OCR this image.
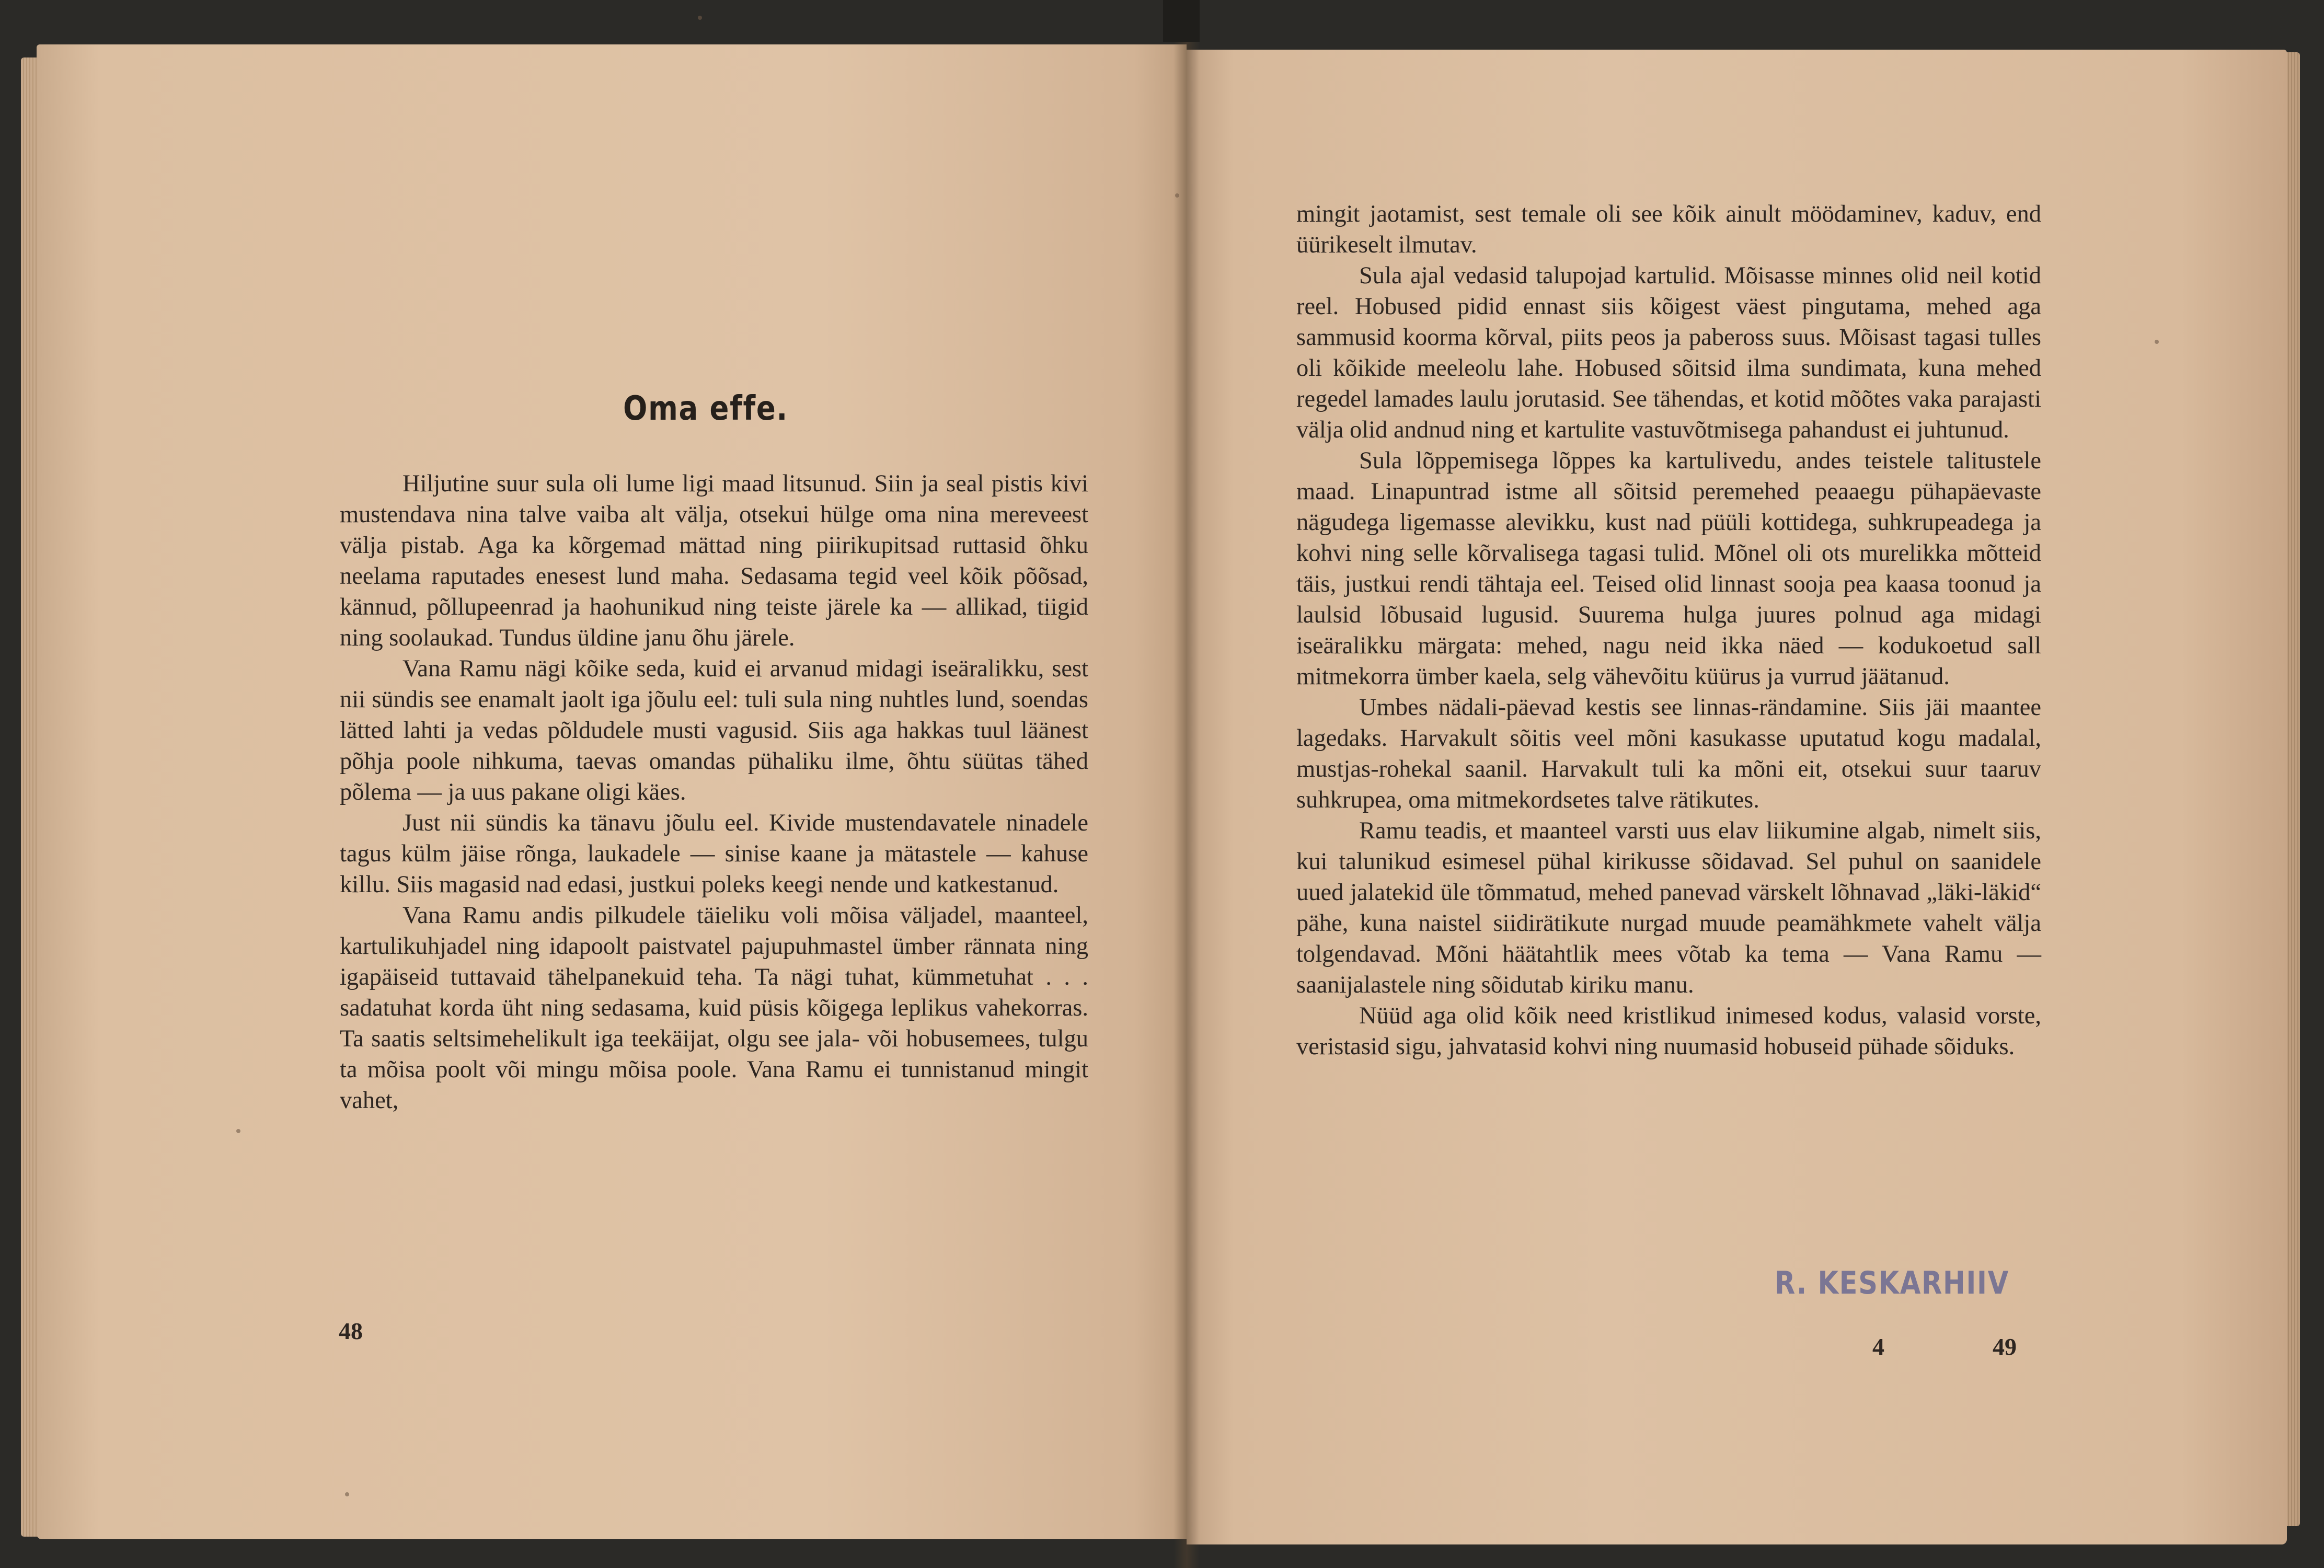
Oma effe.

Hiljutine suur sula oli lume ligi maad litsunud. Siin ja seal pistis kivi mustendava nina talve vaiba alt välja, otsekui hülge oma nina mereveest välja pistab. Aga ka kõrgemad mättad ning piirikupitsad ruttasid õhku neelama raputades enesest lund maha. Sedasama tegid veel kõik põõsad, kännud, põllupeenrad ja haohunikud ning teiste järele ka — allikad, tiigid ning soolaukad. Tundus üldine janu õhu järele.

Vana Ramu nägi kõike seda, kuid ei arvanud midagi iseäralikku, sest nii sündis see enamalt jaolt iga jõulu eel: tuli sula ning nuhtles lund, soendas lätted lahti ja vedas põldudele musti vagusid. Siis aga hakkas tuul läänest põhja poole nihkuma, taevas omandas pühaliku ilme, õhtu süütas tähed põlema — ja uus pakane oligi käes.

Just nii sündis ka tänavu jõulu eel. Kivide mustendavatele ninadele tagus külm jäise rõnga, laukadele — sinise kaane ja mätastele — kahuse killu. Siis magasid nad edasi, justkui poleks keegi nende und katkestanud.

Vana Ramu andis pilkudele täieliku voli mõisa väljadel, maanteel, kartulikuhjadel ning idapoolt paistvatel pajupuhmastel ümber rännata ning igapäiseid tuttavaid tähelpanekuid teha. Ta nägi tuhat, kümmetuhat . . . sadatuhat korda üht ning sedasama, kuid püsis kõigega leplikus vahekorras. Ta saatis seltsimehelikult iga teekäijat, olgu see jala- või hobusemees, tulgu ta mõisa poolt või mingu mõisa poole. Vana Ramu ei tunnistanud mingit vahet,

48

mingit jaotamist, sest temale oli see kõik ainult möödaminev, kaduv, end üürikeselt ilmutav.

Sula ajal vedasid talupojad kartulid. Mõisasse minnes olid neil kotid reel. Hobused pidid ennast siis kõigest väest pingutama, mehed aga sammusid koorma kõrval, piits peos ja pabeross suus. Mõisast tagasi tulles oli kõikide meeleolu lahe. Hobused sõitsid ilma sundimata, kuna mehed regedel lamades laulu jorutasid. See tähendas, et kotid mõõtes vaka parajasti välja olid andnud ning et kartulite vastuvõtmisega pahandust ei juhtunud.

Sula lõppemisega lõppes ka kartulivedu, andes teistele talitustele maad. Linapuntrad istme all sõitsid peremehed peaaegu pühapäevaste nägudega ligemasse alevikku, kust nad püüli kottidega, suhkrupeadega ja kohvi ning selle kõrvalisega tagasi tulid. Mõnel oli ots murelikka mõtteid täis, justkui rendi tähtaja eel. Teised olid linnast sooja pea kaasa toonud ja laulsid lõbusaid lugusid. Suurema hulga juures polnud aga midagi iseäralikku märgata: mehed, nagu neid ikka näed — kodukoetud sall mitmekorra ümber kaela, selg vähevõitu küürus ja vurrud jäätanud.

Umbes nädali-päevad kestis see linnas-rändamine. Siis jäi maantee lagedaks. Harvakult sõitis veel mõni kasukasse uputatud kogu madalal, mustjas-rohekal saanil. Harvakult tuli ka mõni eit, otsekui suur taaruv suhkrupea, oma mitmekordsetes talve rätikutes.

Ramu teadis, et maanteel varsti uus elav liikumine algab, nimelt siis, kui talunikud esimesel pühal kirikusse sõidavad. Sel puhul on saanidele uued jalatekid üle tõmmatud, mehed panevad värskelt lõhnavad „läki-läkid“ pähe, kuna naistel siidirätikute nurgad muude peamähkmete vahelt välja tolgendavad. Mõni häätahtlik mees võtab ka tema — Vana Ramu — saanijalastele ning sõidutab kiriku manu.

Nüüd aga olid kõik need kristlikud inimesed kodus, valasid vorste, veristasid sigu, jahvatasid kohvi ning nuumasid hobuseid pühade sõiduks.

R. KESKARHIIV
4	49
